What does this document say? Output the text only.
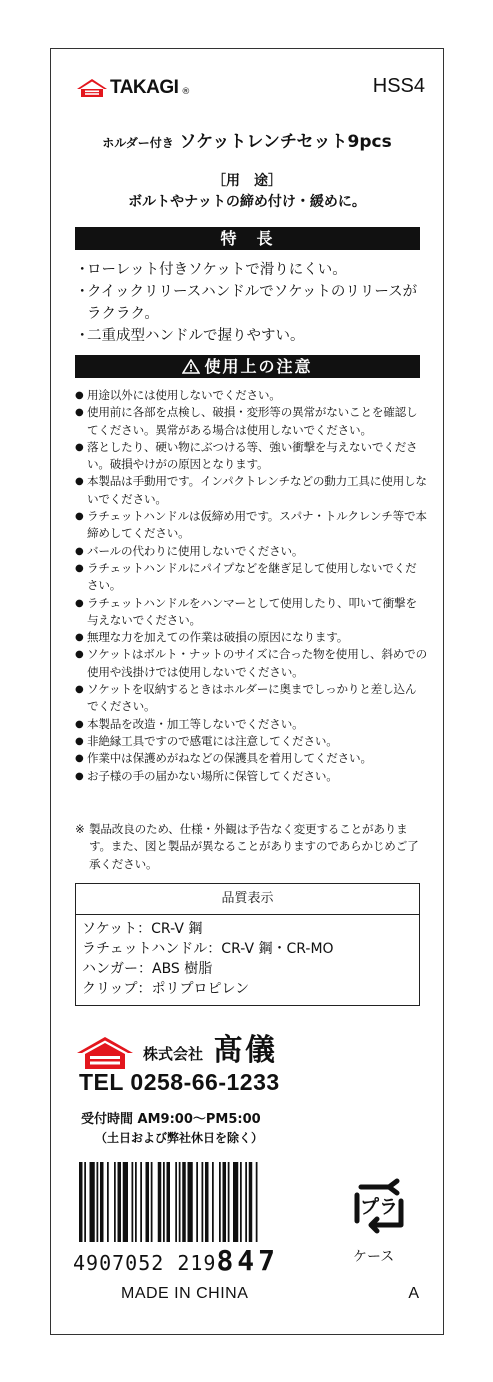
TAKAGI ®	HSS4
ホルダー付き ソケットレンチセット9pcs
［用　途］
ボルトやナットの締め付け・緩めに。
特　長
・
ローレット付きソケットで滑りにくい。
・
クイックリリースハンドルでソケットのリリースがラクラク。
・
二重成型ハンドルで握りやすい。
使用上の注意
● 用途以外には使用しないでください。
● 使用前に各部を点検し、破損・変形等の異常がないことを確認してください。異常がある場合は使用しないでください。
● 落としたり、硬い物にぶつける等、強い衝撃を与えないでください。破損やけがの原因となります。
● 本製品は手動用です。インパクトレンチなどの動力工具に使用しないでください。
● ラチェットハンドルは仮締め用です。スパナ・トルクレンチ等で本締めしてください。
● バールの代わりに使用しないでください。
● ラチェットハンドルにパイプなどを継ぎ足して使用しないでください。
● ラチェットハンドルをハンマーとして使用したり、叩いて衝撃を与えないでください。
● 無理な力を加えての作業は破損の原因になります。
● ソケットはボルト・ナットのサイズに合った物を使用し、斜めでの使用や浅掛けでは使用しないでください。
● ソケットを収納するときはホルダーに奥までしっかりと差し込んでください。
● 本製品を改造・加工等しないでください。
● 非絶縁工具ですので感電には注意してください。
● 作業中は保護めがねなどの保護具を着用してください。
● お子様の手の届かない場所に保管してください。
※ 製品改良のため、仕様・外観は予告なく変更することがあります。また、図と製品が異なることがありますのであらかじめご了承ください。
品質表示
ソケット：CR-V 鋼
ラチェットハンドル：CR-V 鋼・CR-MO
ハンガー：ABS 樹脂
クリップ：ポリプロピレン
株式会社 髙儀
TEL 0258-66-1233
受付時間 AM9:00～PM5:00
（土日および弊社休日を除く）
4907052 219847
プラ
ケース
MADE IN CHINA	A
